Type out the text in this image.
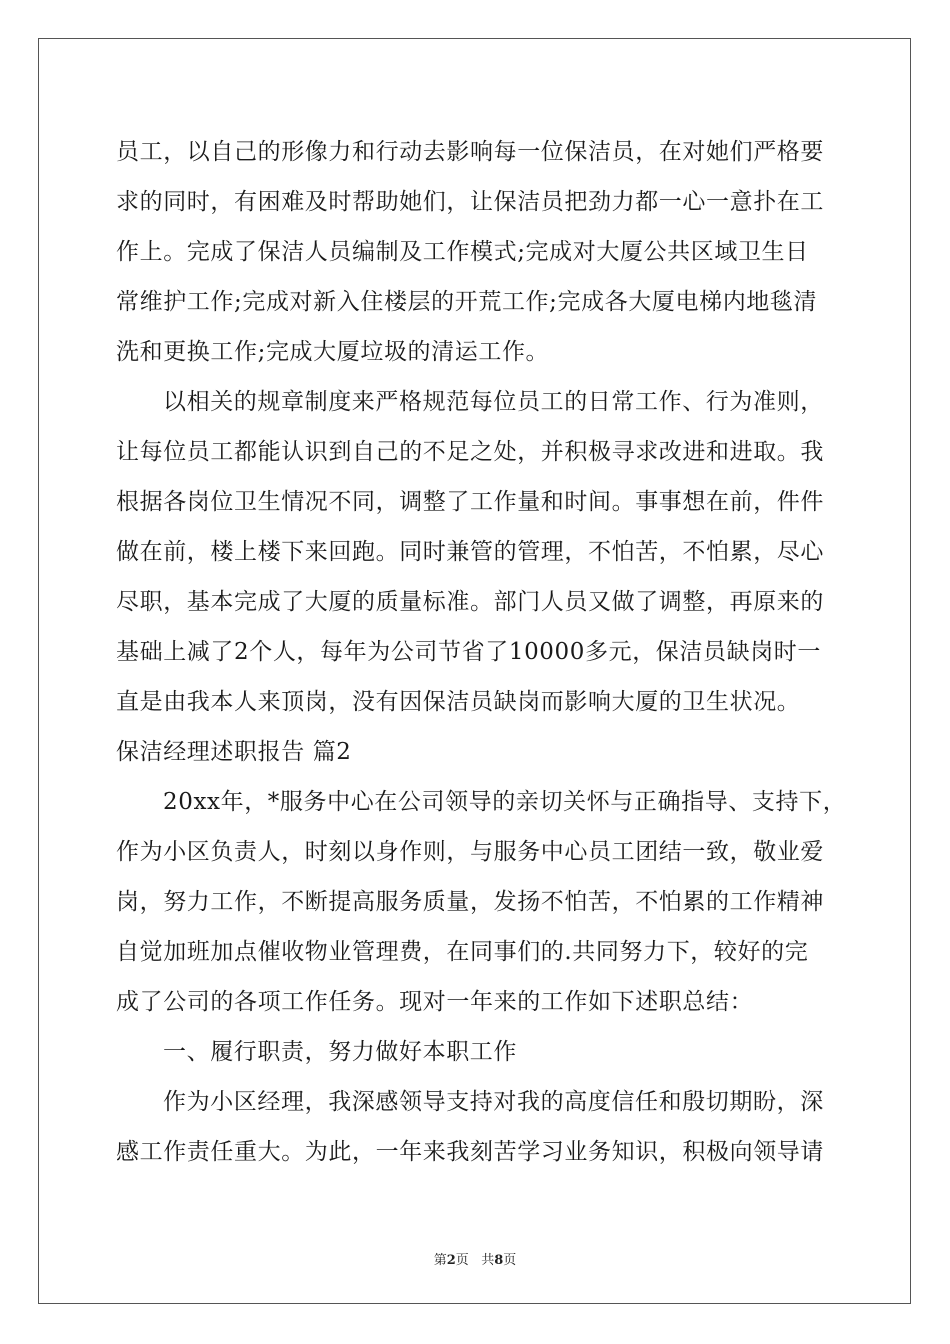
员工，以自己的形像力和行动去影响每一位保洁员，在对她们严格要
求的同时，有困难及时帮助她们，让保洁员把劲力都一心一意扑在工
作上。完成了保洁人员编制及工作模式;完成对大厦公共区域卫生日
常维护工作;完成对新入住楼层的开荒工作;完成各大厦电梯内地毯清
洗和更换工作;完成大厦垃圾的清运工作。
以相关的规章制度来严格规范每位员工的日常工作、行为准则，
让每位员工都能认识到自己的不足之处，并积极寻求改进和进取。我
根据各岗位卫生情况不同，调整了工作量和时间。事事想在前，件件
做在前，楼上楼下来回跑。同时兼管的管理，不怕苦，不怕累，尽心
尽职，基本完成了大厦的质量标准。部门人员又做了调整，再原来的
基础上减了2个人，每年为公司节省了10000多元，保洁员缺岗时一
直是由我本人来顶岗，没有因保洁员缺岗而影响大厦的卫生状况。
保洁经理述职报告 篇2
20xx年，*服务中心在公司领导的亲切关怀与正确指导、支持下，
作为小区负责人，时刻以身作则，与服务中心员工团结一致，敬业爱
岗，努力工作，不断提高服务质量，发扬不怕苦，不怕累的工作精神
自觉加班加点催收物业管理费，在同事们的.共同努力下，较好的完
成了公司的各项工作任务。现对一年来的工作如下述职总结：
一、履行职责，努力做好本职工作
作为小区经理，我深感领导支持对我的高度信任和殷切期盼，深
感工作责任重大。为此，一年来我刻苦学习业务知识，积极向领导请
第2页 共8页
